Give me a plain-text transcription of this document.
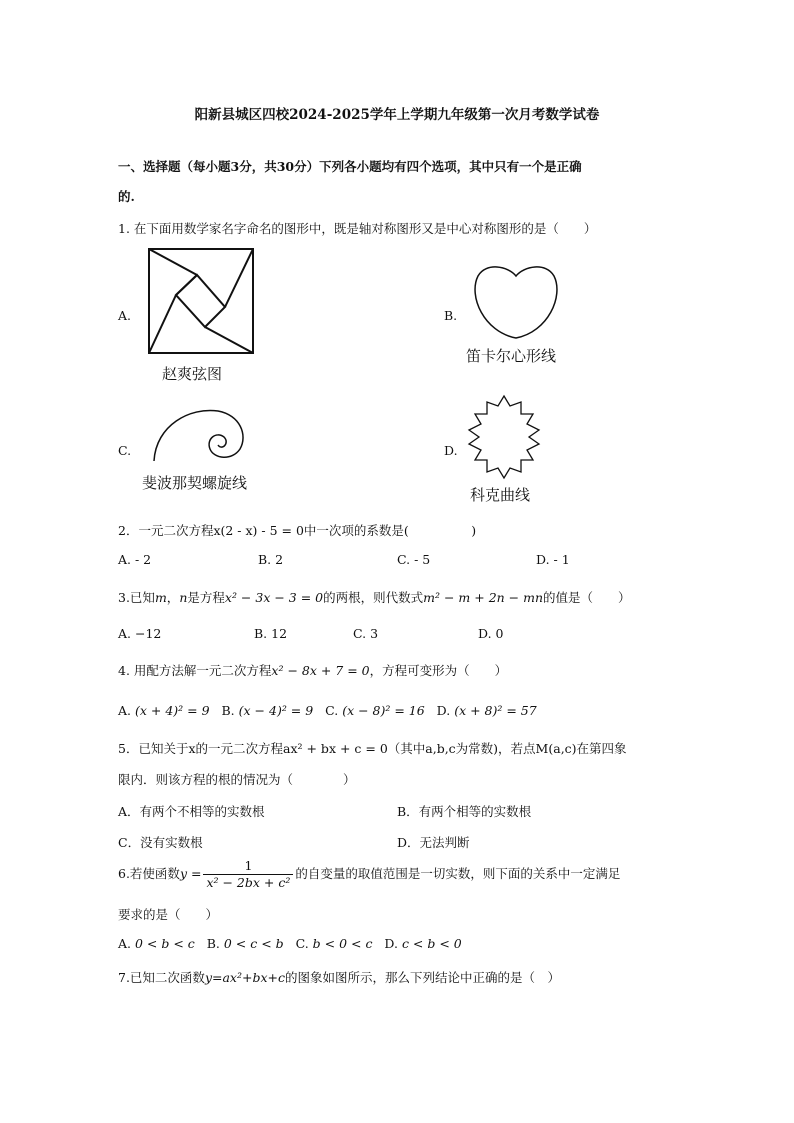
阳新县城区四校2024-2025学年上学期九年级第一次月考数学试卷
一、选择题（每小题3分，共30分）下列各小题均有四个选项，其中只有一个是正确
的.
1. 在下面用数学家名字命名的图形中，既是轴对称图形又是中心对称图形的是（　　）
A.
赵爽弦图
B.
笛卡尔心形线
C.
斐波那契螺旋线
D.
科克曲线
2．一元二次方程x(2 - x) - 5 = 0中一次项的系数是(　　　　　)
A. - 2	B. 2	C. - 5	D. - 1
3.已知m，n是方程x² − 3x − 3 = 0的两根，则代数式m² − m + 2n − mn的值是（　　）
A. −12	B. 12	C. 3	D. 0
4. 用配方法解一元二次方程x² − 8x + 7 = 0，方程可变形为（　　）
A. (x + 4)² = 9 B. (x − 4)² = 9 C. (x − 8)² = 16 D. (x + 8)² = 57
5．已知关于x的一元二次方程ax² + bx + c = 0（其中a,b,c为常数)，若点M(a,c)在第四象
限内．则该方程的根的情况为（　　　　）
A．有两个不相等的实数根	B．有两个相等的实数根
C．没有实数根	D．无法判断
6.若使函数$y = \frac{1}{\text{x² − 2bx + c²}}$ 的自变量的取值范围是一切实数，则下面的关系中一定满足
要求的是（　　）
A. 0 < b < c B. 0 < c < b C. b < 0 < c D. c < b < 0
7.已知二次函数y=ax²+bx+c的图象如图所示，那么下列结论中正确的是（　）
